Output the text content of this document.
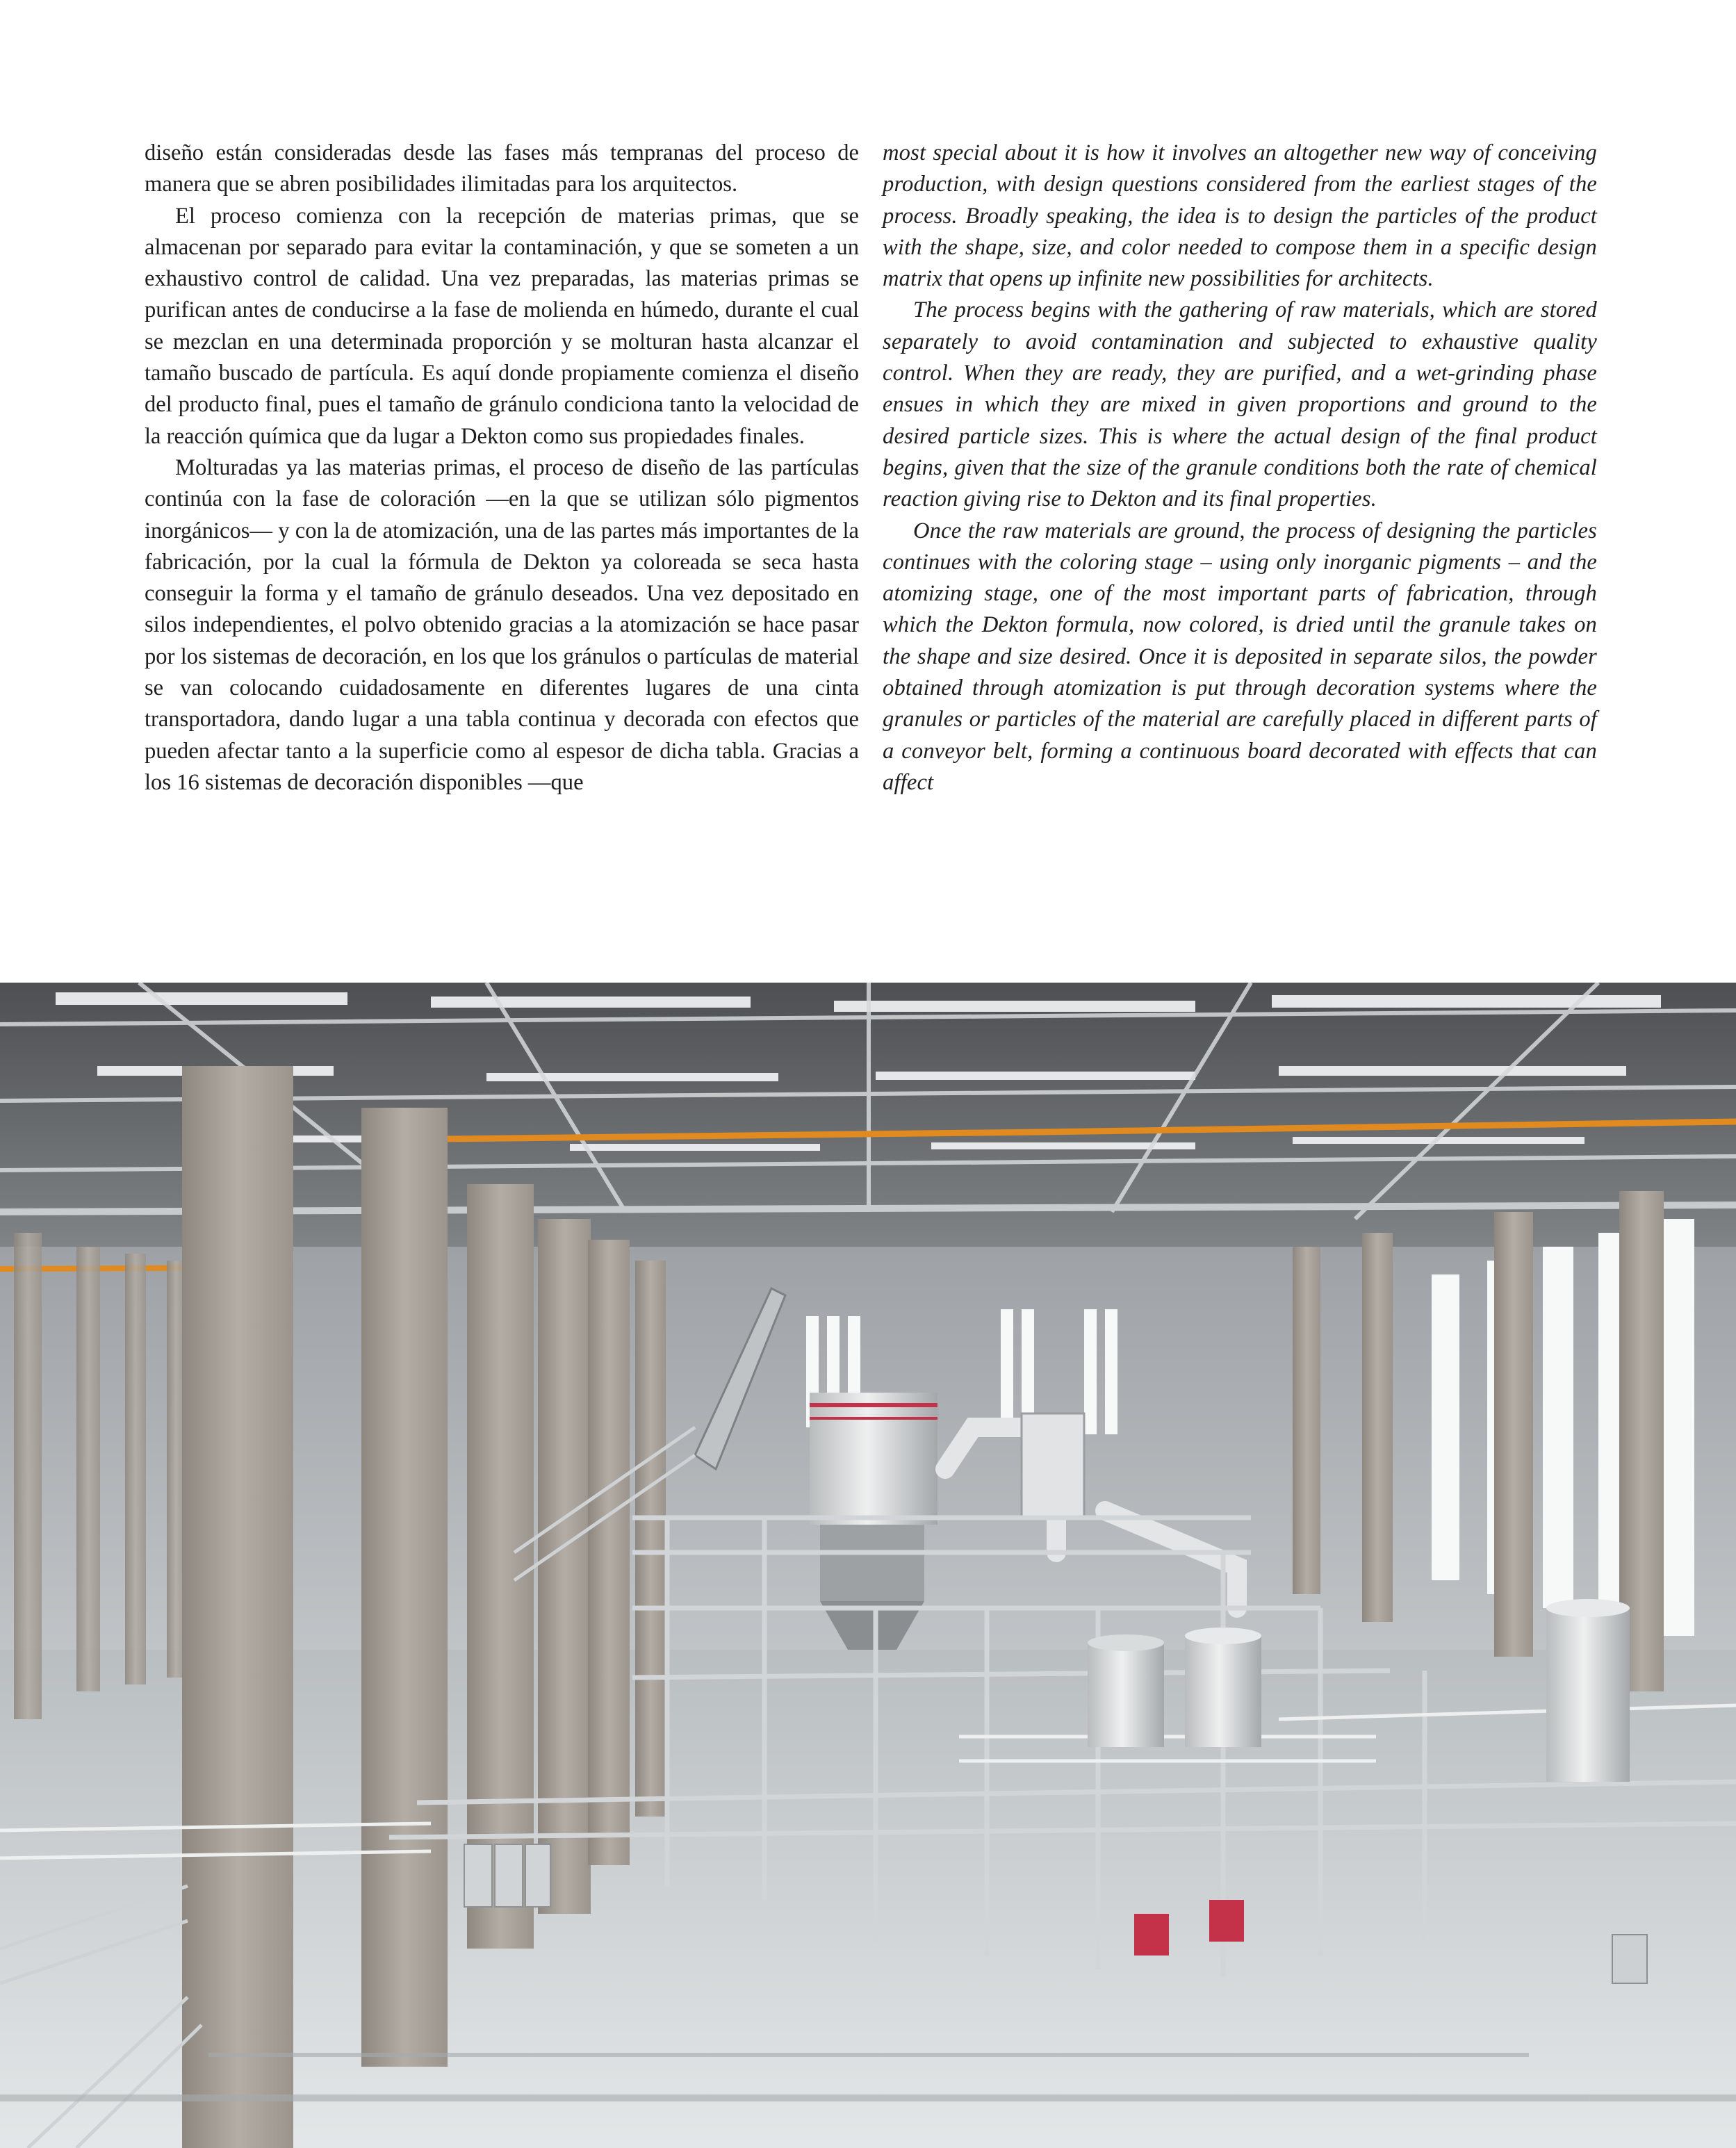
diseño están consideradas desde las fases más tempranas del proceso de manera que se abren posibilidades ilimitadas para los arquitectos.

El proceso comienza con la recepción de materias primas, que se almacenan por separado para evitar la contaminación, y que se someten a un exhaustivo control de calidad. Una vez preparadas, las materias primas se purifican antes de conducirse a la fase de molienda en húmedo, durante el cual se mezclan en una determinada proporción y se molturan hasta alcanzar el tamaño buscado de partícula. Es aquí donde propiamente comienza el diseño del producto final, pues el tamaño de gránulo condiciona tanto la velocidad de la reacción química que da lugar a Dekton como sus propiedades finales.

Molturadas ya las materias primas, el proceso de diseño de las partículas continúa con la fase de coloración —en la que se utilizan sólo pigmentos inorgánicos— y con la de atomización, una de las partes más importantes de la fabricación, por la cual la fórmula de Dekton ya coloreada se seca hasta conseguir la forma y el tamaño de gránulo deseados. Una vez depositado en silos independientes, el polvo obtenido gracias a la atomización se hace pasar por los sistemas de decoración, en los que los gránulos o partículas de material se van colocando cuidadosamente en diferentes lugares de una cinta transportadora, dando lugar a una tabla continua y decorada con efectos que pueden afectar tanto a la superficie como al espesor de dicha tabla. Gracias a los 16 sistemas de decoración disponibles —que

most special about it is how it involves an altogether new way of conceiving production, with design questions considered from the earliest stages of the process. Broadly speaking, the idea is to design the particles of the product with the shape, size, and color needed to compose them in a specific design matrix that opens up infinite new possibilities for architects.

The process begins with the gathering of raw materials, which are stored separately to avoid contamination and subjected to exhaustive quality control. When they are ready, they are purified, and a wet-grinding phase ensues in which they are mixed in given proportions and ground to the desired particle sizes. This is where the actual design of the final product begins, given that the size of the granule conditions both the rate of chemical reaction giving rise to Dekton and its final properties.

Once the raw materials are ground, the process of designing the particles continues with the coloring stage – using only inorganic pigments – and the atomizing stage, one of the most important parts of fabrication, through which the Dekton formula, now colored, is dried until the granule takes on the shape and size desired. Once it is deposited in separate silos, the powder obtained through atomization is put through decoration systems where the granules or particles of the material are carefully placed in different parts of a conveyor belt, forming a continuous board decorated with effects that can affect
